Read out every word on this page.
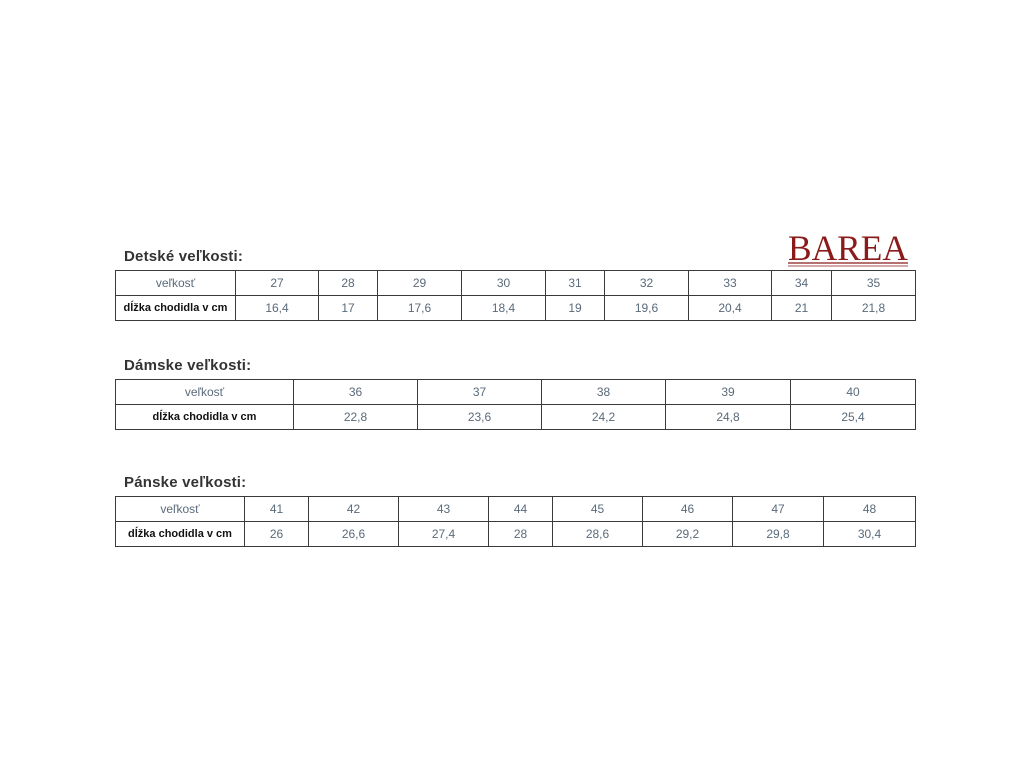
BAREA
Detské veľkosti:
veľkosť	27	28	29	30	31	32	33	34	35
dĺžka chodidla v cm	16,4	17	17,6	18,4	19	19,6	20,4	21	21,8
Dámske veľkosti:
veľkosť	36	37	38	39	40
dĺžka chodidla v cm	22,8	23,6	24,2	24,8	25,4
Pánske veľkosti:
veľkosť	41	42	43	44	45	46	47	48
dĺžka chodidla v cm	26	26,6	27,4	28	28,6	29,2	29,8	30,4
